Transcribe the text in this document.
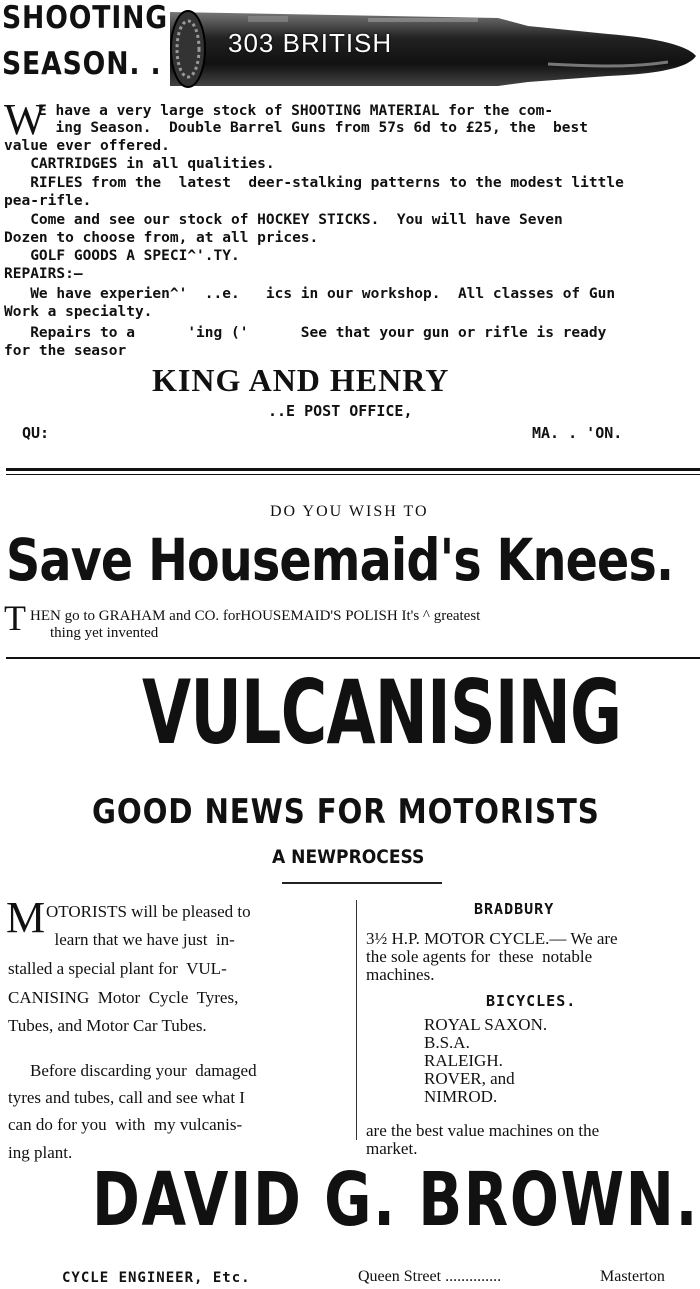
SHOOTING
SEASON. .
303 BRITISH
W
E have a very large stock of SHOOTING MATERIAL for the com-
ing Season.  Double Barrel Guns from 57s 6d to £25, the  best
value ever offered.
CARTRIDGES in all qualities.
RIFLES from the  latest  deer-stalking patterns to the modest little
pea-rifle.
Come and see our stock of HOCKEY STICKS.  You will have Seven
Dozen to choose from, at all prices.
GOLF GOODS A SPECI^'.TY.
REPAIRS:—
We have experien^'  ..e.   ics in our workshop.  All classes of Gun
Work a specialty.
Repairs to a      'ing ('      See that your gun or rifle is ready
for the seasor
KING AND HENRY
..E POST OFFICE,
QU:	MA. . 'ON.
DO YOU WISH TO
Save Housemaid's Knees.
T HEN go to GRAHAM and CO. forHOUSEMAID'S POLISH It's ^ greatest
thing yet invented
VULCANISING
GOOD NEWS FOR MOTORISTS
A NEWPROCESS
M OTORISTS will be pleased to
learn that we have just  in-
stalled a special plant for  VUL-
CANISING  Motor  Cycle  Tyres,
Tubes, and Motor Car Tubes.
Before discarding your  damaged
tyres and tubes, call and see what I
can do for you  with  my vulcanis-
ing plant.
BRADBURY
3½ H.P. MOTOR CYCLE.— We are
the sole agents for  these  notable
machines.
BICYCLES.
ROYAL SAXON.
B.S.A.
RALEIGH.
ROVER, and
NIMROD.
are the best value machines on the
market.
DAVID G. BROWN.
CYCLE ENGINEER, Etc.	Queen Street ..............	Masterton
